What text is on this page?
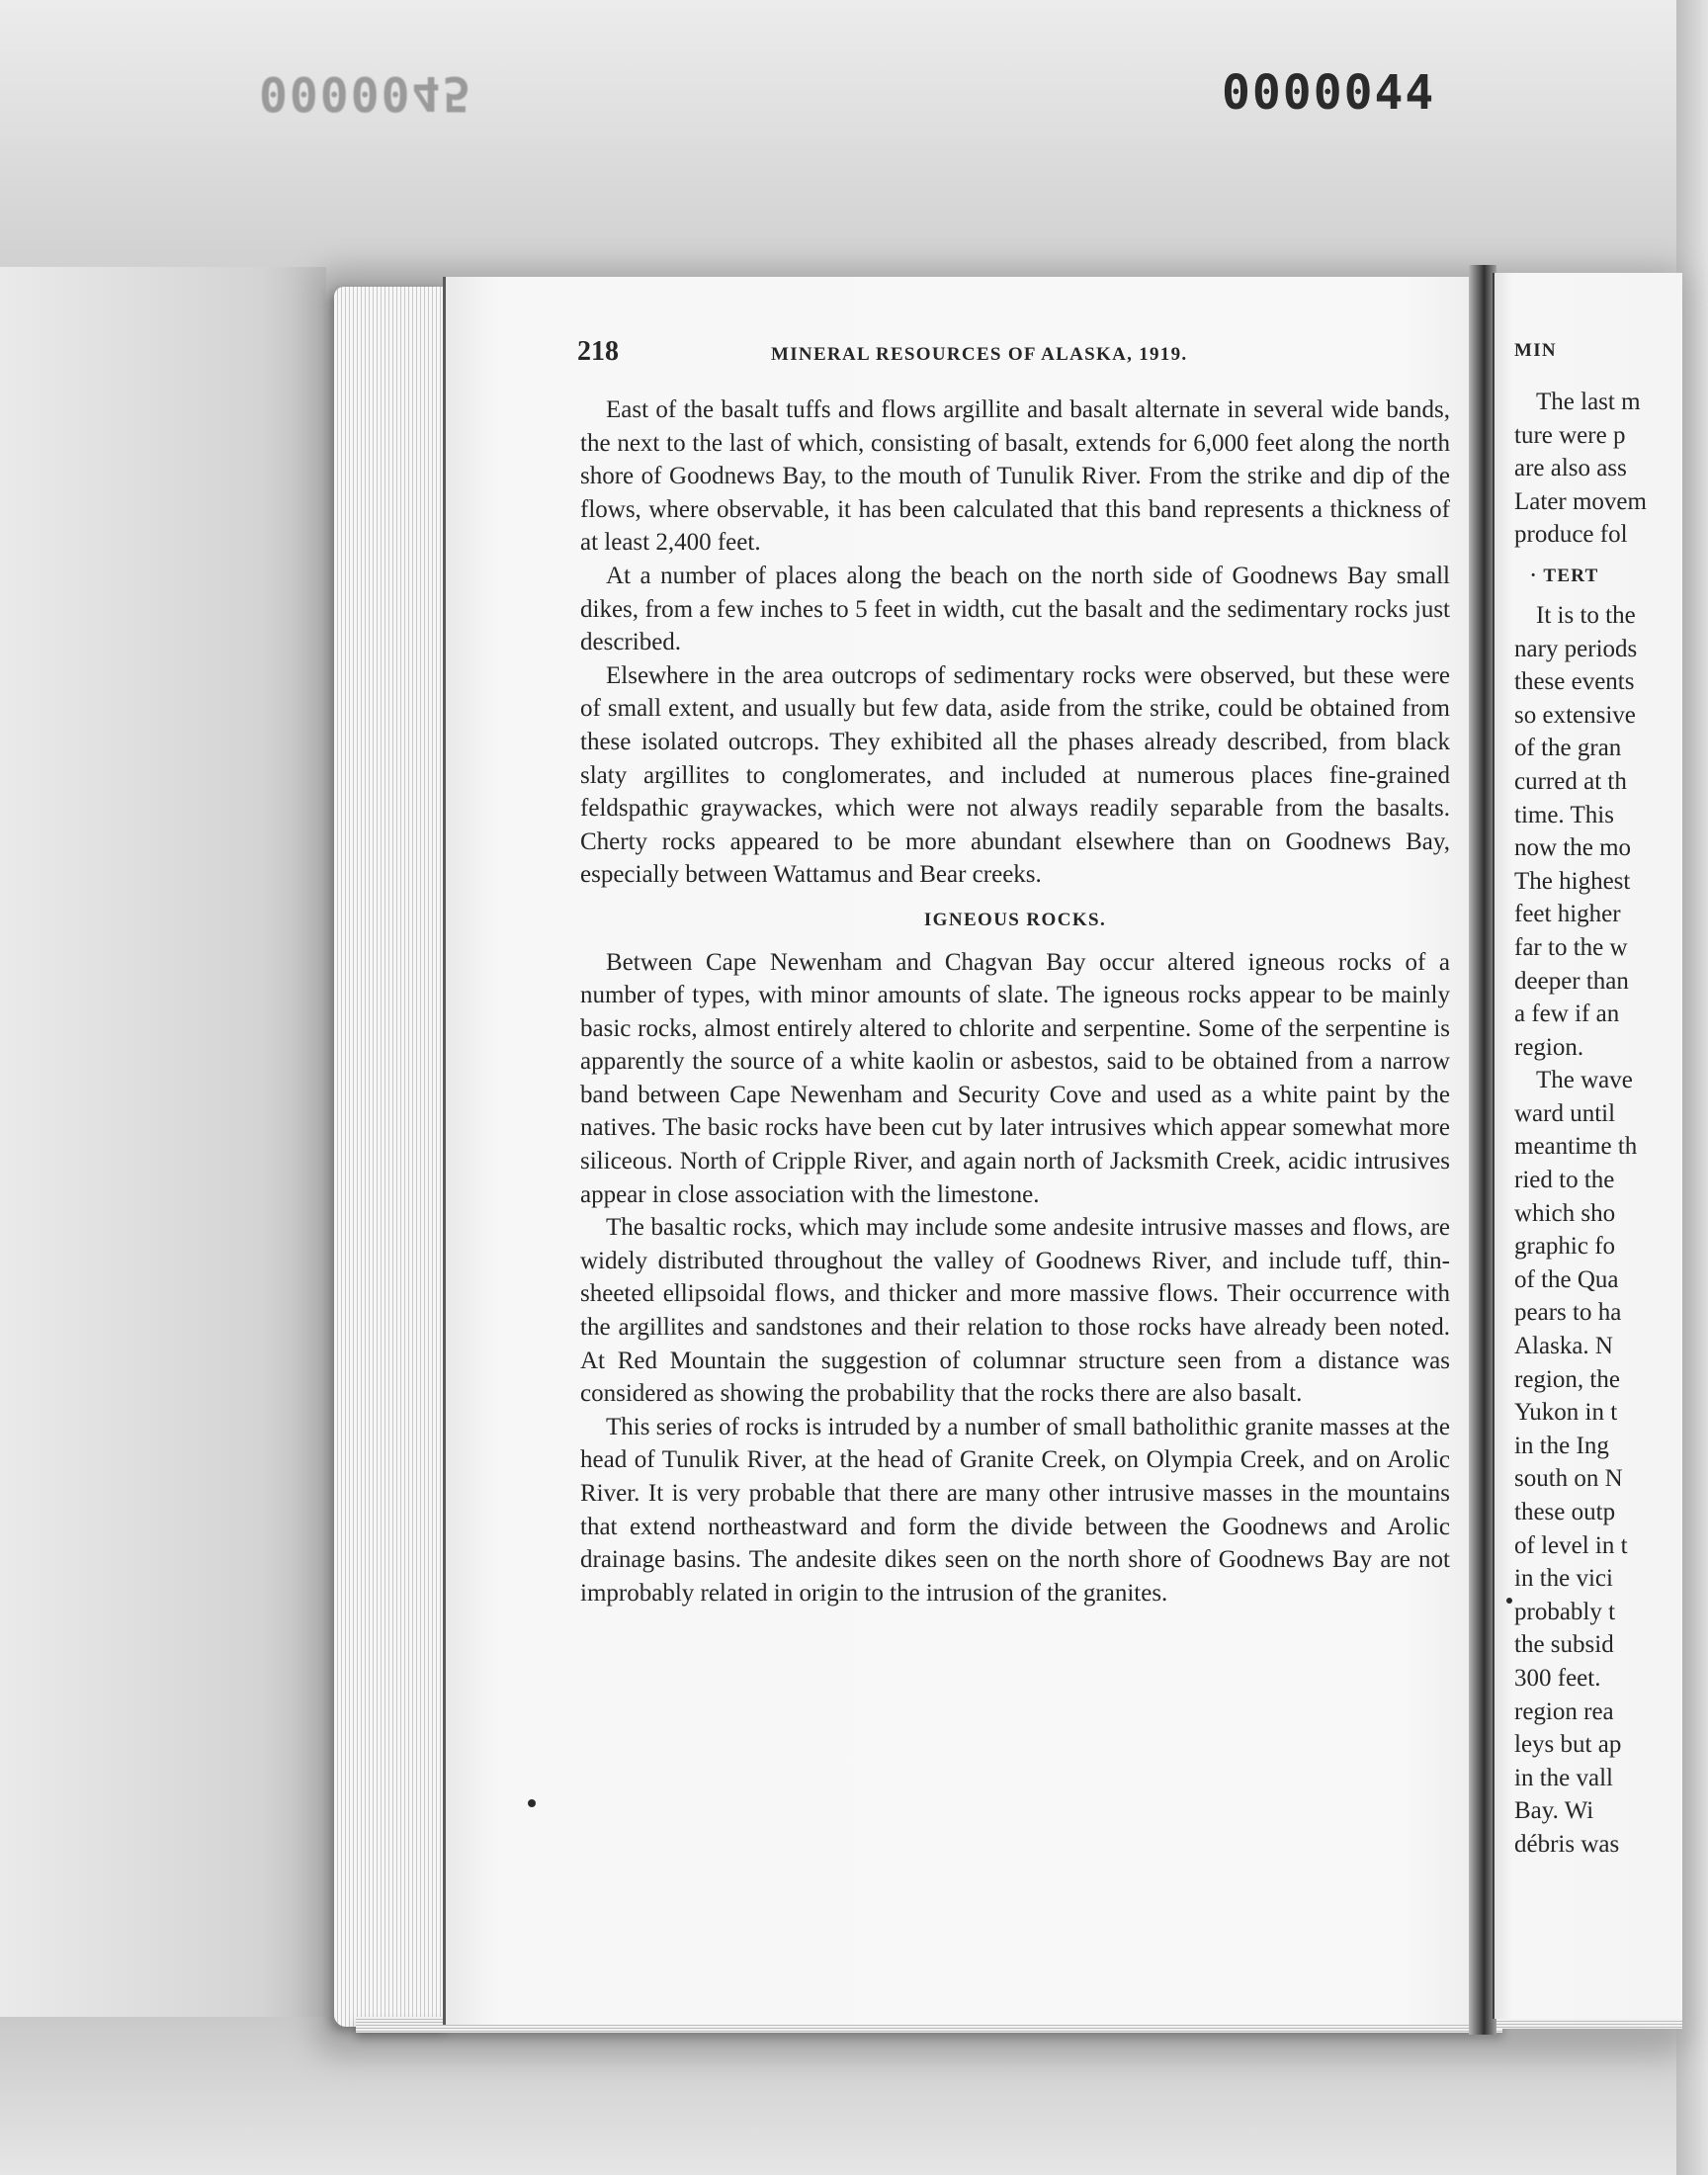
0000045	0000044
218	MINERAL RESOURCES OF ALASKA, 1919.

East of the basalt tuffs and flows argillite and basalt alternate in several wide bands, the next to the last of which, consisting of basalt, extends for 6,000 feet along the north shore of Goodnews Bay, to the mouth of Tunulik River. From the strike and dip of the flows, where observable, it has been calculated that this band represents a thickness of at least 2,400 feet.

At a number of places along the beach on the north side of Goodnews Bay small dikes, from a few inches to 5 feet in width, cut the basalt and the sedimentary rocks just described.

Elsewhere in the area outcrops of sedimentary rocks were observed, but these were of small extent, and usually but few data, aside from the strike, could be obtained from these isolated outcrops. They exhibited all the phases already described, from black slaty argillites to conglomerates, and included at numerous places fine-grained feldspathic graywackes, which were not always readily separable from the basalts. Cherty rocks appeared to be more abundant elsewhere than on Goodnews Bay, especially between Wattamus and Bear creeks.

IGNEOUS ROCKS.

Between Cape Newenham and Chagvan Bay occur altered igneous rocks of a number of types, with minor amounts of slate. The igneous rocks appear to be mainly basic rocks, almost entirely altered to chlorite and serpentine. Some of the serpentine is apparently the source of a white kaolin or asbestos, said to be obtained from a narrow band between Cape Newenham and Security Cove and used as a white paint by the natives. The basic rocks have been cut by later intrusives which appear somewhat more siliceous. North of Cripple River, and again north of Jacksmith Creek, acidic intrusives appear in close association with the limestone.

The basaltic rocks, which may include some andesite intrusive masses and flows, are widely distributed throughout the valley of Goodnews River, and include tuff, thin-sheeted ellipsoidal flows, and thicker and more massive flows. Their occurrence with the argillites and sandstones and their relation to those rocks have already been noted. At Red Mountain the suggestion of columnar structure seen from a distance was considered as showing the probability that the rocks there are also basalt.

This series of rocks is intruded by a number of small batholithic granite masses at the head of Tunulik River, at the head of Granite Creek, on Olympia Creek, and on Arolic River. It is very probable that there are many other intrusive masses in the mountains that extend northeastward and form the divide between the Goodnews and Arolic drainage basins. The andesite dikes seen on the north shore of Goodnews Bay are not improbably related in origin to the intrusion of the granites.

MIN
The last m
ture were p
are also ass
Later movem
produce fol
· TERT
It is to the
nary periods
these events
so extensive
of the gran
curred at th
time. This
now the mo
The highest
feet higher
far to the w
deeper than
a few if an
region.
The wave
ward until
meantime th
ried to the
which sho
graphic fo
of the Qua
pears to ha
Alaska. N
region, the
Yukon in t
in the Ing
south on N
these outp
of level in t
in the vici
probably t
the subsid
300 feet.
region rea
leys but ap
in the vall
Bay. Wi
débris was
